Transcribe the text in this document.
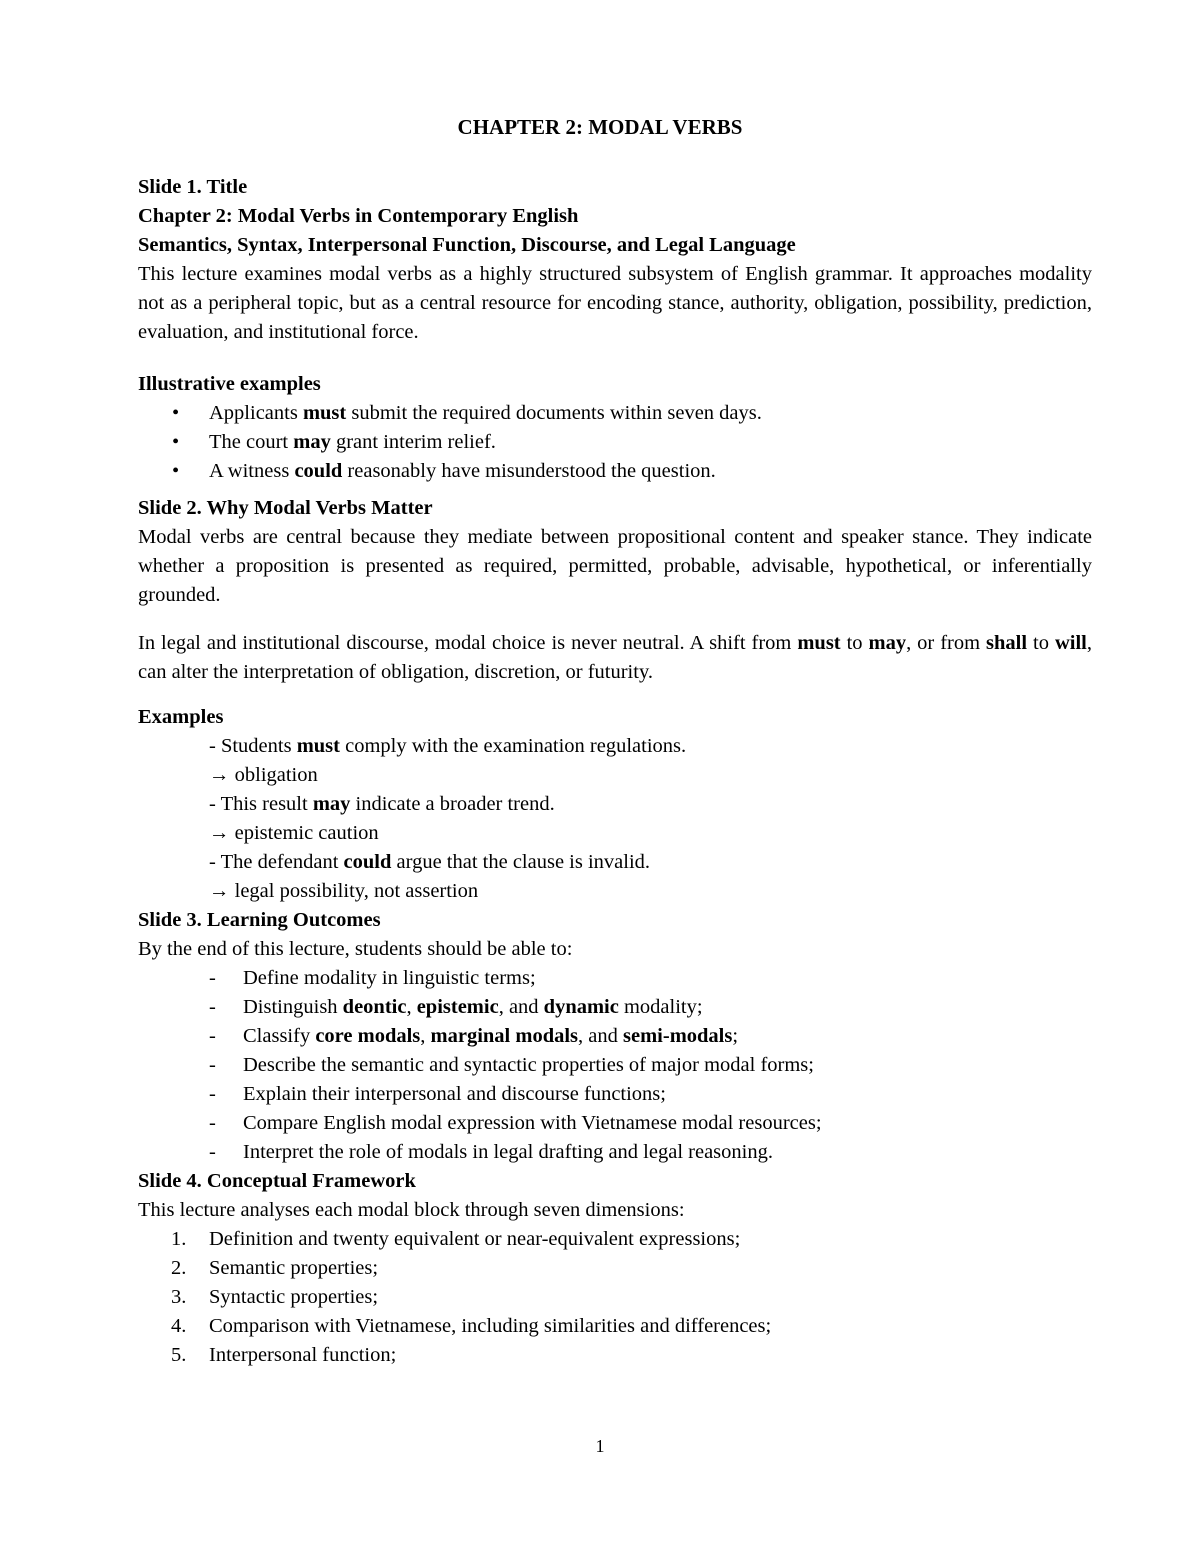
CHAPTER 2: MODAL VERBS
Slide 1. Title
Chapter 2: Modal Verbs in Contemporary English
Semantics, Syntax, Interpersonal Function, Discourse, and Legal Language
This lecture examines modal verbs as a highly structured subsystem of English grammar. It approaches modality not as a peripheral topic, but as a central resource for encoding stance, authority, obligation, possibility, prediction, evaluation, and institutional force.
Illustrative examples
• Applicants must submit the required documents within seven days.
• The court may grant interim relief.
• A witness could reasonably have misunderstood the question.
Slide 2. Why Modal Verbs Matter
Modal verbs are central because they mediate between propositional content and speaker stance. They indicate whether a proposition is presented as required, permitted, probable, advisable, hypothetical, or inferentially grounded.
In legal and institutional discourse, modal choice is never neutral. A shift from must to may, or from shall to will, can alter the interpretation of obligation, discretion, or futurity.
Examples
- Students must comply with the examination regulations.
→ obligation
- This result may indicate a broader trend.
→ epistemic caution
- The defendant could argue that the clause is invalid.
→ legal possibility, not assertion
Slide 3. Learning Outcomes
By the end of this lecture, students should be able to:
- Define modality in linguistic terms;
- Distinguish deontic, epistemic, and dynamic modality;
- Classify core modals, marginal modals, and semi-modals;
- Describe the semantic and syntactic properties of major modal forms;
- Explain their interpersonal and discourse functions;
- Compare English modal expression with Vietnamese modal resources;
- Interpret the role of modals in legal drafting and legal reasoning.
Slide 4. Conceptual Framework
This lecture analyses each modal block through seven dimensions:
1. Definition and twenty equivalent or near-equivalent expressions;
2. Semantic properties;
3. Syntactic properties;
4. Comparison with Vietnamese, including similarities and differences;
5. Interpersonal function;
1
